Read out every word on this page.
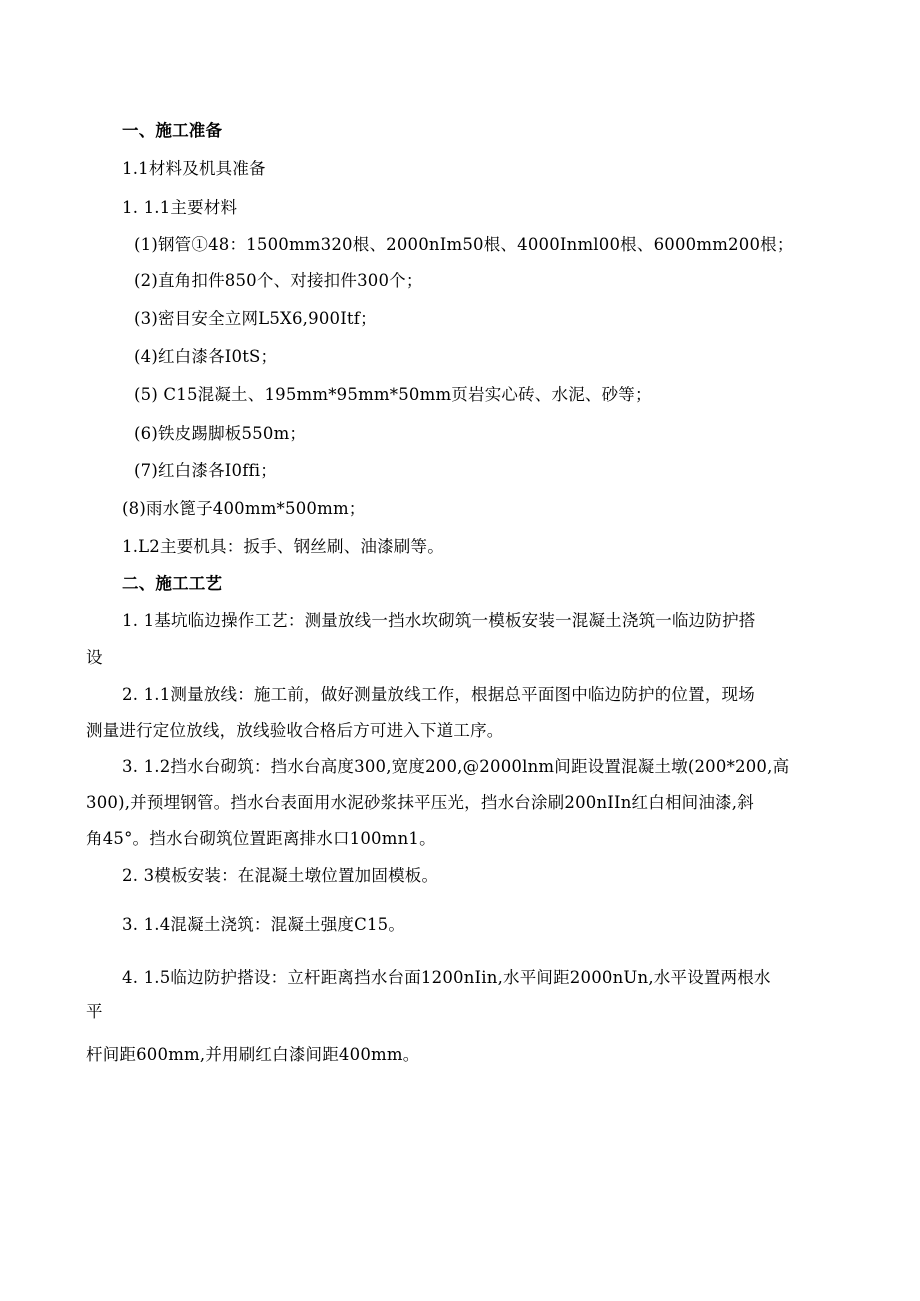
一、施工准备
1.1材料及机具准备
1. 1.1主要材料
(1)钢管①48：1500mm320根、2000nIm50根、4000Inml00根、6000mm200根；
(2)直角扣件850个、对接扣件300个；
(3)密目安全立网L5X6,900Itf；
(4)红白漆各I0tS；
(5) C15混凝土、195mm*95mm*50mm页岩实心砖、水泥、砂等；
(6)铁皮踢脚板550m；
(7)红白漆各I0ffi；
(8)雨水篦子400mm*500mm；
1.L2主要机具：扳手、钢丝刷、油漆刷等。
二、施工工艺
1. 1基坑临边操作工艺：测量放线一挡水坎砌筑一模板安装一混凝土浇筑一临边防护搭
设
2. 1.1测量放线：施工前，做好测量放线工作，根据总平面图中临边防护的位置，现场
测量进行定位放线，放线验收合格后方可进入下道工序。
3. 1.2挡水台砌筑：挡水台高度300,宽度200,@2000lnm间距设置混凝土墩(200*200,高
300),并预埋钢管。挡水台表面用水泥砂浆抹平压光，挡水台涂刷200nIIn红白相间油漆,斜
角45°。挡水台砌筑位置距离排水口100mn1。
2. 3模板安装：在混凝土墩位置加固模板。
3. 1.4混凝土浇筑：混凝土强度C15。
4. 1.5临边防护搭设：立杆距离挡水台面1200nIin,水平间距2000nUn,水平设置两根水
平
杆间距600mm,并用刷红白漆间距400mm。
